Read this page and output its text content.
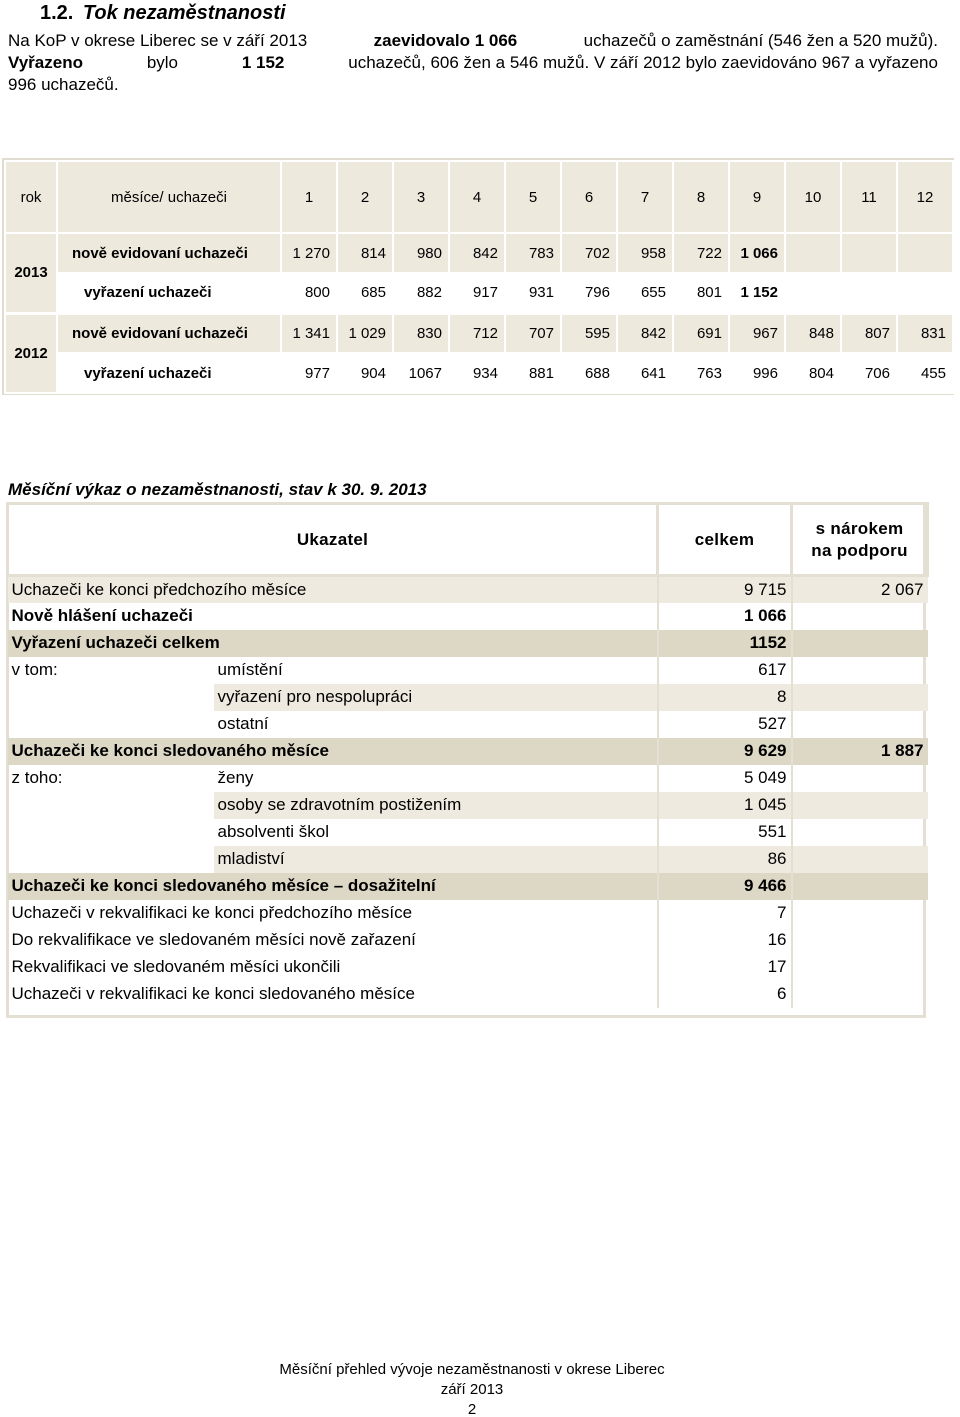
1.2. Tok nezaměstnanosti
Na KoP v okrese Liberec se v září 2013	zaevidovalo 1 066	uchazečů o zaměstnání (546 žen a 520 mužů).
Vyřazeno	bylo	1 152	uchazečů, 606 žen a 546 mužů. V září 2012 bylo zaevidováno 967 a vyřazeno
996 uchazečů.
rok	měsíce/ uchazeči	1	2	3	4	5	6	7	8	9	10	11	12
2013	nově evidovaní uchazeči	1 270	814	980	842	783	702	958	722	1 066			
	vyřazení uchazeči	800	685	882	917	931	796	655	801	1 152			
2012	nově evidovaní uchazeči	1 341	1 029	830	712	707	595	842	691	967	848	807	831
	vyřazení uchazeči	977	904	1067	934	881	688	641	763	996	804	706	455
Měsíční výkaz o nezaměstnanosti, stav k 30. 9. 2013
Ukazatel		celkem	s nárokem
na podporu

Uchazeči ke konci předchozího měsíce		9 715	2 067
Nově hlášení uchazeči		1 066	
Vyřazení uchazeči celkem		1152	
v tom:	umístění	617	
	vyřazení pro nespolupráci	8	
	ostatní	527	
Uchazeči ke konci sledovaného měsíce		9 629	1 887
z toho:	ženy	5 049	
	osoby se zdravotním postižením	1 045	
	absolventi škol	551	
	mladiství	86	
Uchazeči ke konci sledovaného měsíce – dosažitelní		9 466	
Uchazeči v rekvalifikaci ke konci předchozího měsíce		7	
Do rekvalifikace ve sledovaném měsíci nově zařazení		16	
Rekvalifikaci ve sledovaném měsíci ukončili		17	
Uchazeči v rekvalifikaci ke konci sledovaného měsíce		6	
Měsíční přehled vývoje nezaměstnanosti v okrese Liberec
září 2013
2
